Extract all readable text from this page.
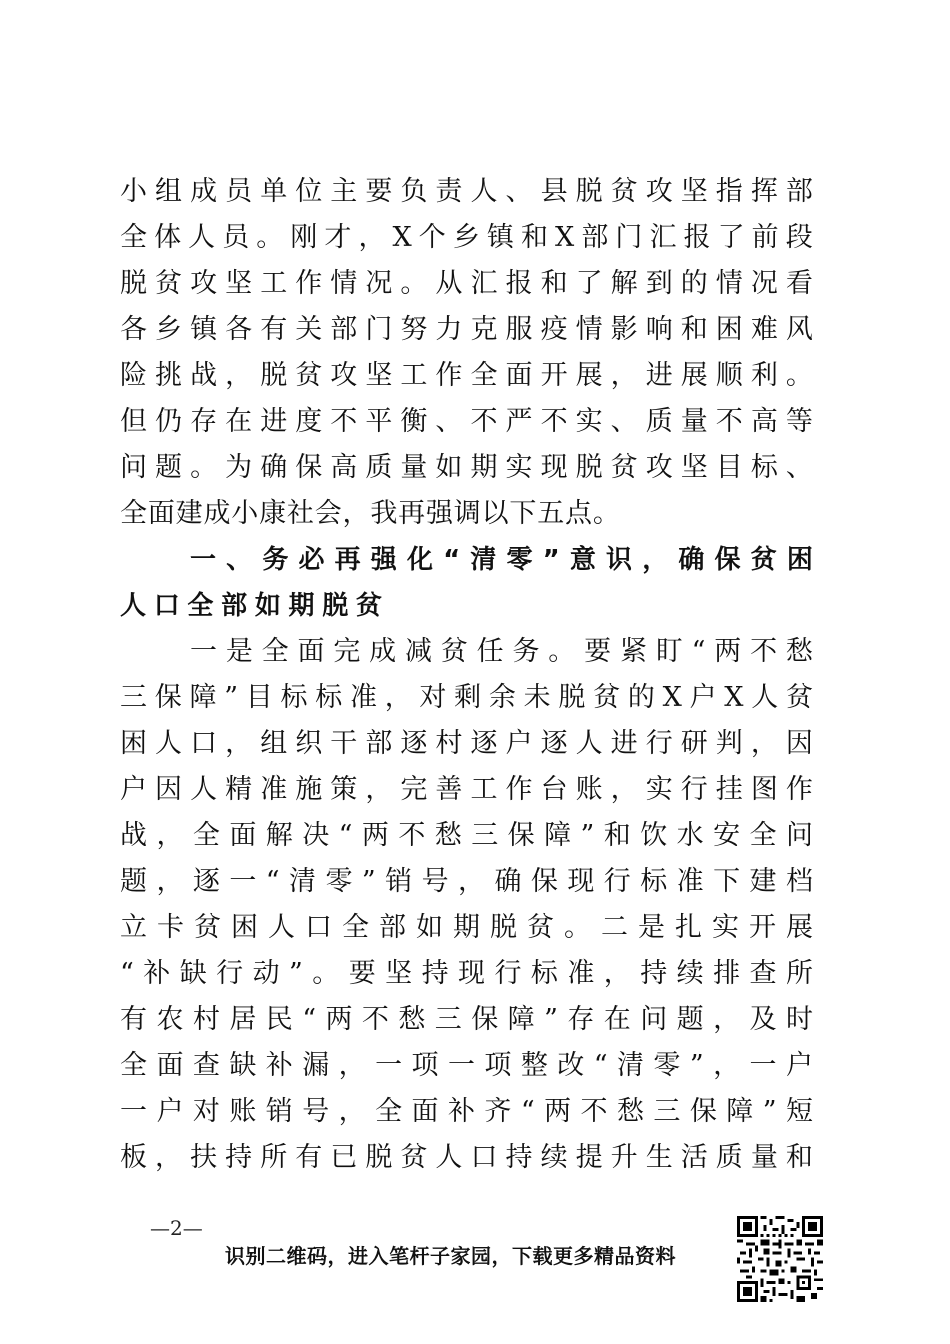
小 组 成 员 单 位 主 要 负 责 人 、 县 脱 贫 攻 坚 指 挥 部
全 体 人 员 。 刚 才 ， X 个 乡 镇 和 X 部 门 汇 报 了 前 段
脱 贫 攻 坚 工 作 情 况 。 从 汇 报 和 了 解 到 的 情 况 看
各 乡 镇 各 有 关 部 门 努 力 克 服 疫 情 影 响 和 困 难 风
险 挑 战 ， 脱 贫 攻 坚 工 作 全 面 开 展 ， 进 展 顺 利 。
但 仍 存 在 进 度 不 平 衡 、 不 严 不 实 、 质 量 不 高 等
问 题 。 为 确 保 高 质 量 如 期 实 现 脱 贫 攻 坚 目 标 、
全 面 建 成 小 康 社 会 ， 我 再 强 调 以 下 五 点 。
一 、 务 必 再 强 化 “ 清 零 ” 意 识 ， 确 保 贫 困
人 口 全 部 如 期 脱 贫
一 是 全 面 完 成 减 贫 任 务 。 要 紧 盯 “ 两 不 愁
三 保 障 ” 目 标 标 准 ， 对 剩 余 未 脱 贫 的 X 户 X 人 贫
困 人 口 ， 组 织 干 部 逐 村 逐 户 逐 人 进 行 研 判 ， 因
户 因 人 精 准 施 策 ， 完 善 工 作 台 账 ， 实 行 挂 图 作
战 ， 全 面 解 决 “ 两 不 愁 三 保 障 ” 和 饮 水 安 全 问
题 ， 逐 一 “ 清 零 ” 销 号 ， 确 保 现 行 标 准 下 建 档
立 卡 贫 困 人 口 全 部 如 期 脱 贫 。 二 是 扎 实 开 展
“ 补 缺 行 动 ” 。 要 坚 持 现 行 标 准 ， 持 续 排 查 所
有 农 村 居 民 “ 两 不 愁 三 保 障 ” 存 在 问 题 ， 及 时
全 面 查 缺 补 漏 ， 一 项 一 项 整 改 “ 清 零 ” ， 一 户
一 户 对 账 销 号 ， 全 面 补 齐 “ 两 不 愁 三 保 障 ” 短
板 ， 扶 持 所 有 已 脱 贫 人 口 持 续 提 升 生 活 质 量 和
—2—
识别二维码，进入笔杆子家园，下载更多精品资料
